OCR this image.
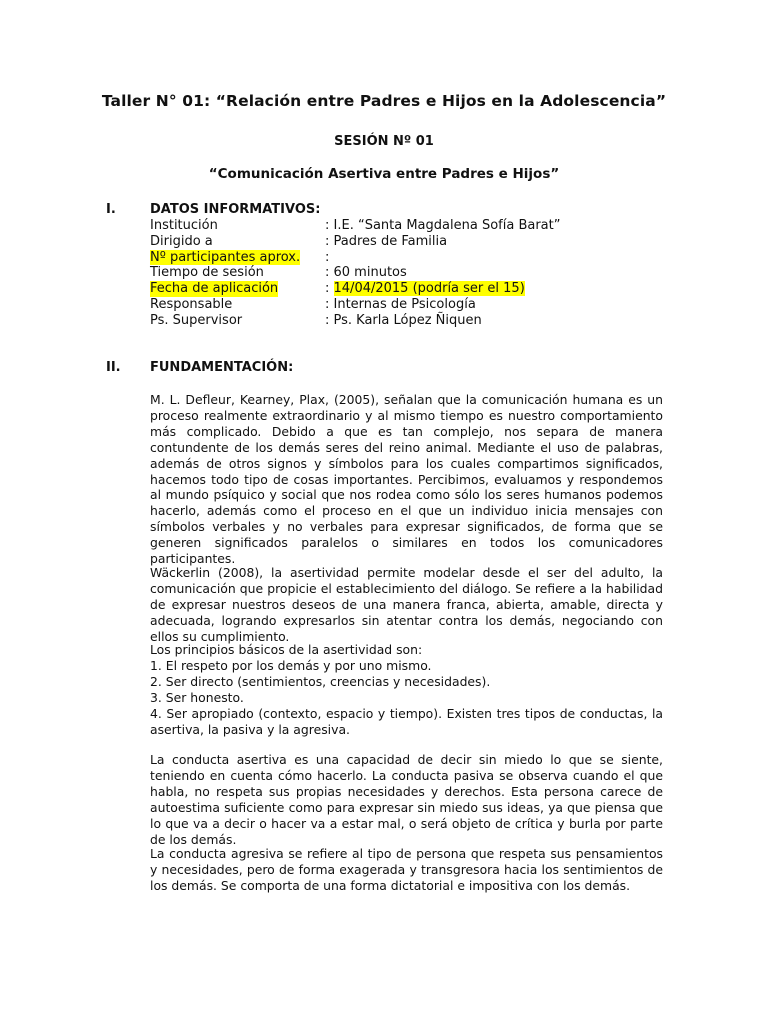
Taller N° 01: “Relación entre Padres e Hijos en la Adolescencia”
SESIÓN Nº 01
“Comunicación Asertiva entre Padres e Hijos”
I.	DATOS INFORMATIVOS:
Institución	: I.E. “Santa Magdalena Sofía Barat”
Dirigido a	: Padres de Familia
Nº participantes aprox. :
Tiempo de sesión	: 60 minutos
Fecha de aplicación	: 14/04/2015 (podría ser el 15)
Responsable	: Internas de Psicología
Ps. Supervisor	: Ps. Karla López Ñiquen
II. FUNDAMENTACIÓN:
M. L. Defleur, Kearney, Plax, (2005), señalan que la comunicación humana es un proceso realmente extraordinario y al mismo tiempo es nuestro comportamiento más complicado. Debido a que es tan complejo, nos separa de manera contundente de los demás seres del reino animal. Mediante el uso de palabras, además de otros signos y símbolos para los cuales compartimos significados, hacemos todo tipo de cosas importantes. Percibimos, evaluamos y respondemos al mundo psíquico y social que nos rodea como sólo los seres humanos podemos hacerlo, además como el proceso en el que un individuo inicia mensajes con símbolos verbales y no verbales para expresar significados, de forma que se generen significados paralelos o similares en todos los comunicadores participantes.
Wäckerlin (2008), la asertividad permite modelar desde el ser del adulto, la comunicación que propicie el establecimiento del diálogo. Se refiere a la habilidad de expresar nuestros deseos de una manera franca, abierta, amable, directa y adecuada, logrando expresarlos sin atentar contra los demás, negociando con ellos su cumplimiento.
Los principios básicos de la asertividad son:
1. El respeto por los demás y por uno mismo.
2. Ser directo (sentimientos, creencias y necesidades).
3. Ser honesto.
4. Ser apropiado (contexto, espacio y tiempo). Existen tres tipos de conductas, la asertiva, la pasiva y la agresiva.
La conducta asertiva es una capacidad de decir sin miedo lo que se siente, teniendo en cuenta cómo hacerlo. La conducta pasiva se observa cuando el que habla, no respeta sus propias necesidades y derechos. Esta persona carece de autoestima suficiente como para expresar sin miedo sus ideas, ya que piensa que lo que va a decir o hacer va a estar mal, o será objeto de crítica y burla por parte de los demás.
La conducta agresiva se refiere al tipo de persona que respeta sus pensamientos y necesidades, pero de forma exagerada y transgresora hacia los sentimientos de los demás. Se comporta de una forma dictatorial e impositiva con los demás.
